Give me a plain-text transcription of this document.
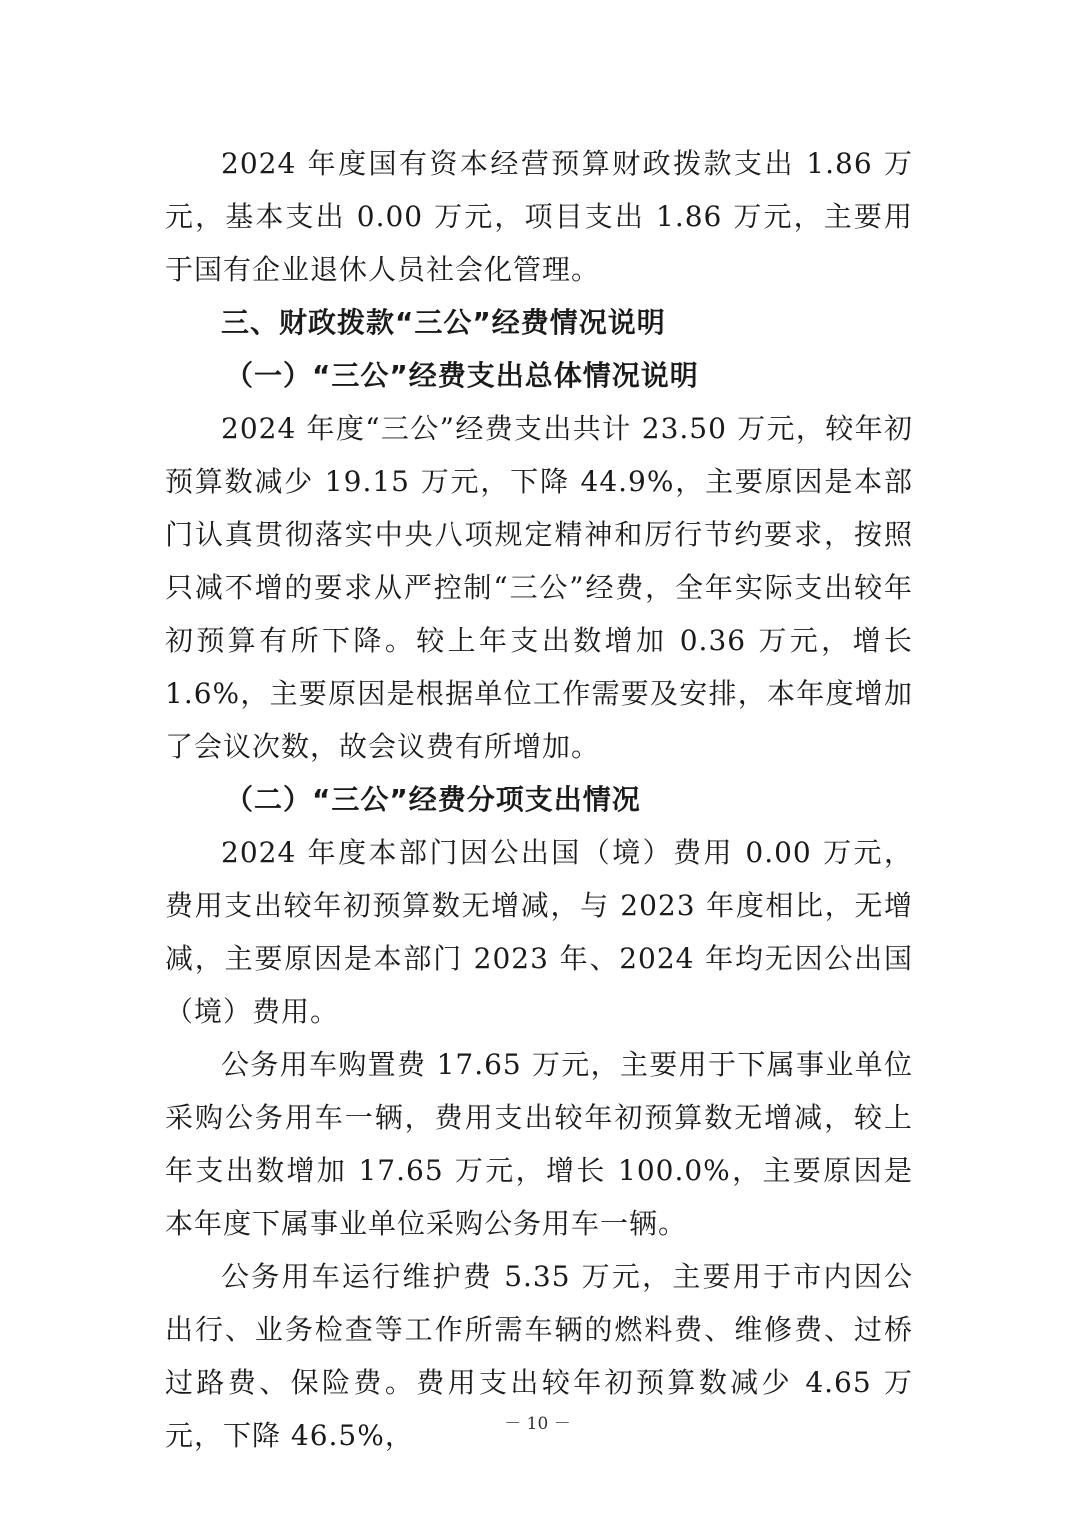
2024 年度国有资本经营预算财政拨款支出 1.86 万元，基本支出 0.00 万元，项目支出 1.86 万元，主要用于国有企业退休人员社会化管理。

三、财政拨款“三公”经费情况说明

（一）“三公”经费支出总体情况说明

2024 年度“三公”经费支出共计 23.50 万元，较年初预算数减少 19.15 万元，下降 44.9%，主要原因是本部门认真贯彻落实中央八项规定精神和厉行节约要求，按照只减不增的要求从严控制“三公”经费，全年实际支出较年初预算有所下降。较上年支出数增加 0.36 万元，增长 1.6%，主要原因是根据单位工作需要及安排，本年度增加了会议次数，故会议费有所增加。

（二）“三公”经费分项支出情况

2024 年度本部门因公出国（境）费用 0.00 万元，费用支出较年初预算数无增减，与 2023 年度相比，无增减，主要原因是本部门 2023 年、2024 年均无因公出国（境）费用。

公务用车购置费 17.65 万元，主要用于下属事业单位采购公务用车一辆，费用支出较年初预算数无增减，较上年支出数增加 17.65 万元，增长 100.0%，主要原因是本年度下属事业单位采购公务用车一辆。

公务用车运行维护费 5.35 万元，主要用于市内因公出行、业务检查等工作所需车辆的燃料费、维修费、过桥过路费、保险费。费用支出较年初预算数减少 4.65 万元，下降 46.5%，	－ 10 －
